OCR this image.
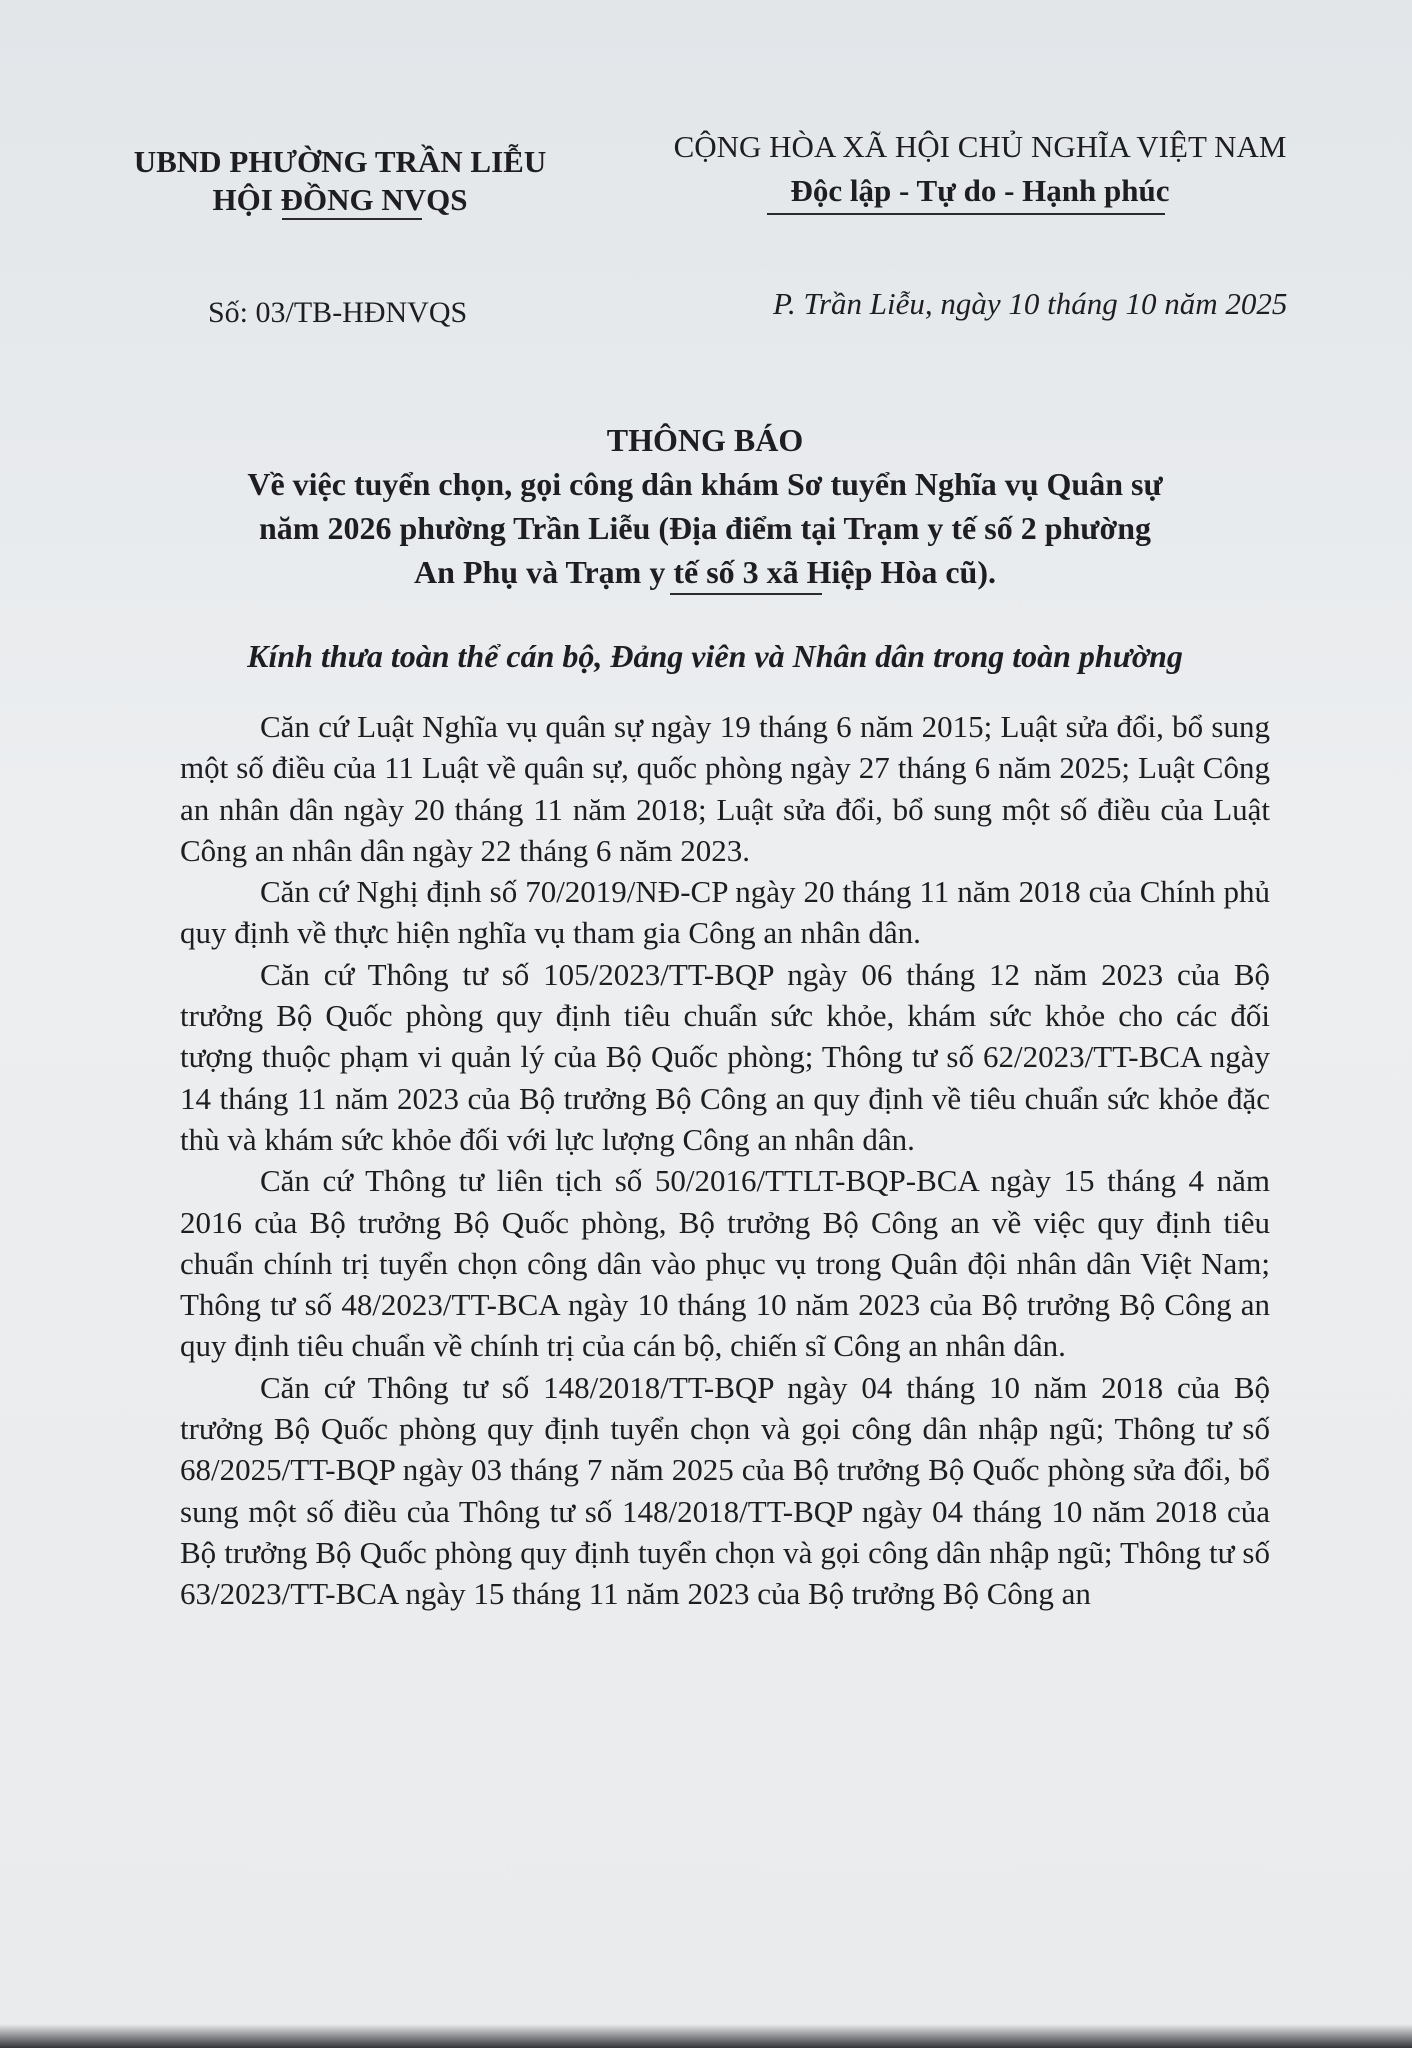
UBND PHƯỜNG TRẦN LIỄU
HỘI ĐỒNG NVQS
CỘNG HÒA XÃ HỘI CHỦ NGHĨA VIỆT NAM
Độc lập - Tự do - Hạnh phúc
Số: 03/TB-HĐNVQS	P. Trần Liễu, ngày 10 tháng 10 năm 2025
THÔNG BÁO
Về việc tuyển chọn, gọi công dân khám Sơ tuyển Nghĩa vụ Quân sự
năm 2026 phường Trần Liễu (Địa điểm tại Trạm y tế số 2 phường
An Phụ và Trạm y tế số 3 xã Hiệp Hòa cũ).
Kính thưa toàn thể cán bộ, Đảng viên và Nhân dân trong toàn phường

Căn cứ Luật Nghĩa vụ quân sự ngày 19 tháng 6 năm 2015; Luật sửa đổi, bổ sung một số điều của 11 Luật về quân sự, quốc phòng ngày 27 tháng 6 năm 2025; Luật Công an nhân dân ngày 20 tháng 11 năm 2018; Luật sửa đổi, bổ sung một số điều của Luật Công an nhân dân ngày 22 tháng 6 năm 2023.

Căn cứ Nghị định số 70/2019/NĐ-CP ngày 20 tháng 11 năm 2018 của Chính phủ quy định về thực hiện nghĩa vụ tham gia Công an nhân dân.

Căn cứ Thông tư số 105/2023/TT-BQP ngày 06 tháng 12 năm 2023 của Bộ trưởng Bộ Quốc phòng quy định tiêu chuẩn sức khỏe, khám sức khỏe cho các đối tượng thuộc phạm vi quản lý của Bộ Quốc phòng; Thông tư số 62/2023/TT-BCA ngày 14 tháng 11 năm 2023 của Bộ trưởng Bộ Công an quy định về tiêu chuẩn sức khỏe đặc thù và khám sức khỏe đối với lực lượng Công an nhân dân.

Căn cứ Thông tư liên tịch số 50/2016/TTLT-BQP-BCA ngày 15 tháng 4 năm 2016 của Bộ trưởng Bộ Quốc phòng, Bộ trưởng Bộ Công an về việc quy định tiêu chuẩn chính trị tuyển chọn công dân vào phục vụ trong Quân đội nhân dân Việt Nam; Thông tư số 48/2023/TT-BCA ngày 10 tháng 10 năm 2023 của Bộ trưởng Bộ Công an quy định tiêu chuẩn về chính trị của cán bộ, chiến sĩ Công an nhân dân.

Căn cứ Thông tư số 148/2018/TT-BQP ngày 04 tháng 10 năm 2018 của Bộ trưởng Bộ Quốc phòng quy định tuyển chọn và gọi công dân nhập ngũ; Thông tư số 68/2025/TT-BQP ngày 03 tháng 7 năm 2025 của Bộ trưởng Bộ Quốc phòng sửa đổi, bổ sung một số điều của Thông tư số 148/2018/TT-BQP ngày 04 tháng 10 năm 2018 của Bộ trưởng Bộ Quốc phòng quy định tuyển chọn và gọi công dân nhập ngũ; Thông tư số 63/2023/TT-BCA ngày 15 tháng 11 năm 2023 của Bộ trưởng Bộ Công an
